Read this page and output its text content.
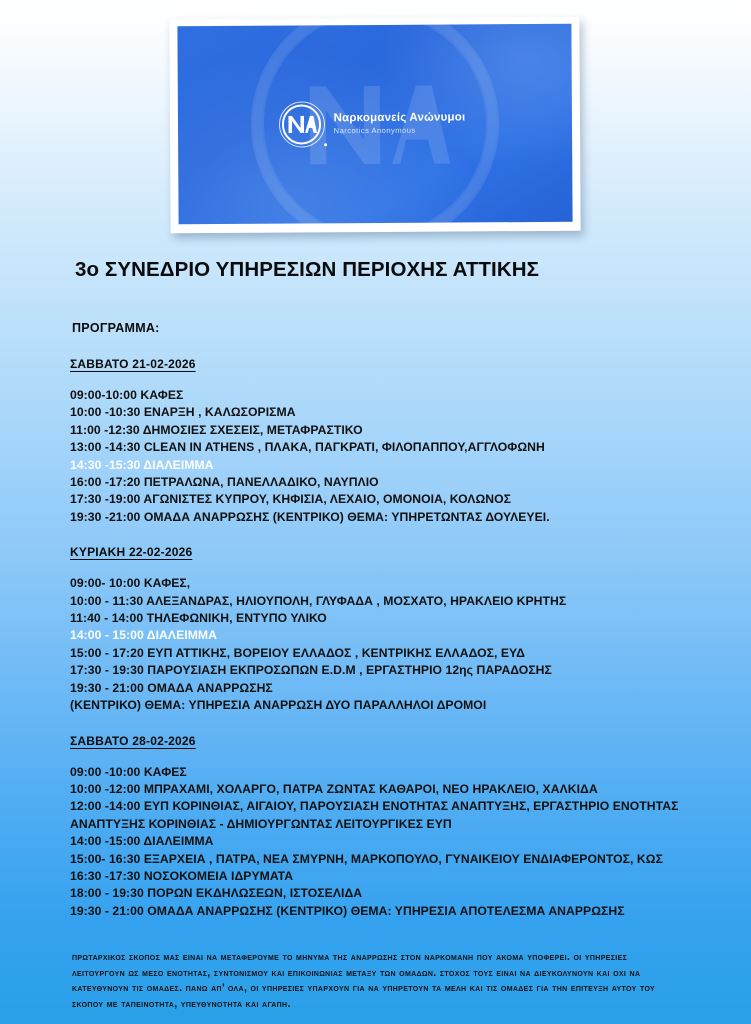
Ναρκομανείς Ανώνυμοι
Narcotics Anonymous
3ο ΣΥΝΕΔΡΙΟ ΥΠΗΡΕΣΙΩΝ ΠΕΡΙΟΧΗΣ ΑΤΤΙΚΗΣ
ΠΡΟΓΡΑΜΜΑ:
ΣΑΒΒΑΤΟ 21-02-2026
09:00-10:00 ΚΑΦΕΣ
10:00 -10:30 ΕΝΑΡΞΗ , ΚΑΛΩΣΟΡΙΣΜΑ
11:00 -12:30 ΔΗΜΟΣΙΕΣ ΣΧΕΣΕΙΣ, ΜΕΤΑΦΡΑΣΤΙΚΟ
13:00 -14:30 CLEAN IN ATHENS , ΠΛΑΚΑ, ΠΑΓΚΡΑΤΙ, ΦΙΛΟΠΑΠΠΟΥ,ΑΓΓΛΟΦΩΝΗ
14:30 -15:30 ΔΙΑΛΕΙΜΜΑ
16:00 -17:20 ΠΕΤΡΑΛΩΝΑ, ΠΑΝΕΛΛΑΔΙΚΟ, ΝΑΥΠΛΙΟ
17:30 -19:00 ΑΓΩΝΙΣΤΕΣ ΚΥΠΡΟΥ, ΚΗΦΙΣΙΑ, ΛΕΧΑΙΟ, ΟΜΟΝΟΙΑ, ΚΟΛΩΝΟΣ
19:30 -21:00 ΟΜΑΔΑ ΑΝΑΡΡΩΣΗΣ (ΚΕΝΤΡΙΚΟ) ΘΕΜΑ: ΥΠΗΡΕΤΩΝΤΑΣ ΔΟΥΛΕΥΕΙ.
ΚΥΡΙΑΚΗ 22-02-2026
09:00- 10:00 ΚΑΦΕΣ,
10:00 - 11:30 ΑΛΕΞΑΝΔΡΑΣ, ΗΛΙΟΥΠΟΛΗ, ΓΛΥΦΑΔΑ , ΜΟΣΧΑΤΟ, ΗΡΑΚΛΕΙΟ ΚΡΗΤΗΣ
11:40 - 14:00 ΤΗΛΕΦΩΝΙΚΗ, ΕΝΤΥΠΟ ΥΛΙΚΟ
14:00 - 15:00 ΔΙΑΛΕΙΜΜΑ
15:00 - 17:20 ΕΥΠ ΑΤΤΙΚΗΣ, ΒΟΡΕΙΟΥ ΕΛΛΑΔΟΣ , ΚΕΝΤΡΙΚΗΣ ΕΛΛΑΔΟΣ, ΕΥΔ
17:30 - 19:30 ΠΑΡΟΥΣΙΑΣΗ ΕΚΠΡΟΣΩΠΩΝ E.D.M , ΕΡΓΑΣΤΗΡΙΟ 12ης ΠΑΡΑΔΟΣΗΣ
19:30 - 21:00 ΟΜΑΔΑ ΑΝΑΡΡΩΣΗΣ
(ΚΕΝΤΡΙΚΟ) ΘΕΜΑ: ΥΠΗΡΕΣΙΑ ΑΝΑΡΡΩΣΗ ΔΥΟ ΠΑΡΑΛΛΗΛΟΙ ΔΡΟΜΟΙ
ΣΑΒΒΑΤΟ 28-02-2026
09:00 -10:00 ΚΑΦΕΣ
10:00 -12:00 ΜΠΡΑΧΑΜΙ, ΧΟΛΑΡΓΟ, ΠΑΤΡΑ ΖΩΝΤΑΣ ΚΑΘΑΡΟΙ, ΝΕΟ ΗΡΑΚΛΕΙΟ, ΧΑΛΚΙΔΑ
12:00 -14:00 ΕΥΠ ΚΟΡΙΝΘΙΑΣ, ΑΙΓΑΙΟΥ, ΠΑΡΟΥΣΙΑΣΗ ΕΝΟΤΗΤΑΣ ΑΝΑΠΤΥΞΗΣ, ΕΡΓΑΣΤΗΡΙΟ ΕΝΟΤΗΤΑΣ ΑΝΑΠΤΥΞΗΣ ΚΟΡΙΝΘΙΑΣ - ΔΗΜΙΟΥΡΓΩΝΤΑΣ ΛΕΙΤΟΥΡΓΙΚΕΣ ΕΥΠ
14:00 -15:00 ΔΙΑΛΕΙΜΜΑ
15:00- 16:30 ΕΞΑΡΧΕΙΑ , ΠΑΤΡΑ, ΝΕΑ ΣΜΥΡΝΗ, ΜΑΡΚΟΠΟΥΛΟ, ΓΥΝΑΙΚΕΙΟΥ ΕΝΔΙΑΦΕΡΟΝΤΟΣ, ΚΩΣ
16:30 -17:30 ΝΟΣΟΚΟΜΕΙΑ ΙΔΡΥΜΑΤΑ
18:00 - 19:30 ΠΟΡΩΝ ΕΚΔΗΛΩΣΕΩΝ, ΙΣΤΟΣΕΛΙΔΑ
19:30 - 21:00 ΟΜΑΔΑ ΑΝΑΡΡΩΣΗΣ (ΚΕΝΤΡΙΚΟ) ΘΕΜΑ: ΥΠΗΡΕΣΙΑ ΑΠΟΤΕΛΕΣΜΑ ΑΝΑΡΡΩΣΗΣ

πρωταρχικος σκοπος μας ειναι να μεταφερουμε το μηνυμα της αναρρωσης στον ναρκομανη που ακομα υποφερει. οι υπηρεσιες λειτουργουν ως μεσο ενοτητας, συντονισμου και επικοινωνιας μεταξυ των ομαδων. στοχος τους ειναι να διευκολυνουν και οχι να κατευθυνουν τις ομαδες. πανω απ’ όλα, οι υπηρεσιες υπαρχουν για να υπηρετουν τα μελη και τις ομαδες για την επιτευξη αυτου του σκοπου με ταπεινοτητα, υπευθυνοτητα και αγαπη.
